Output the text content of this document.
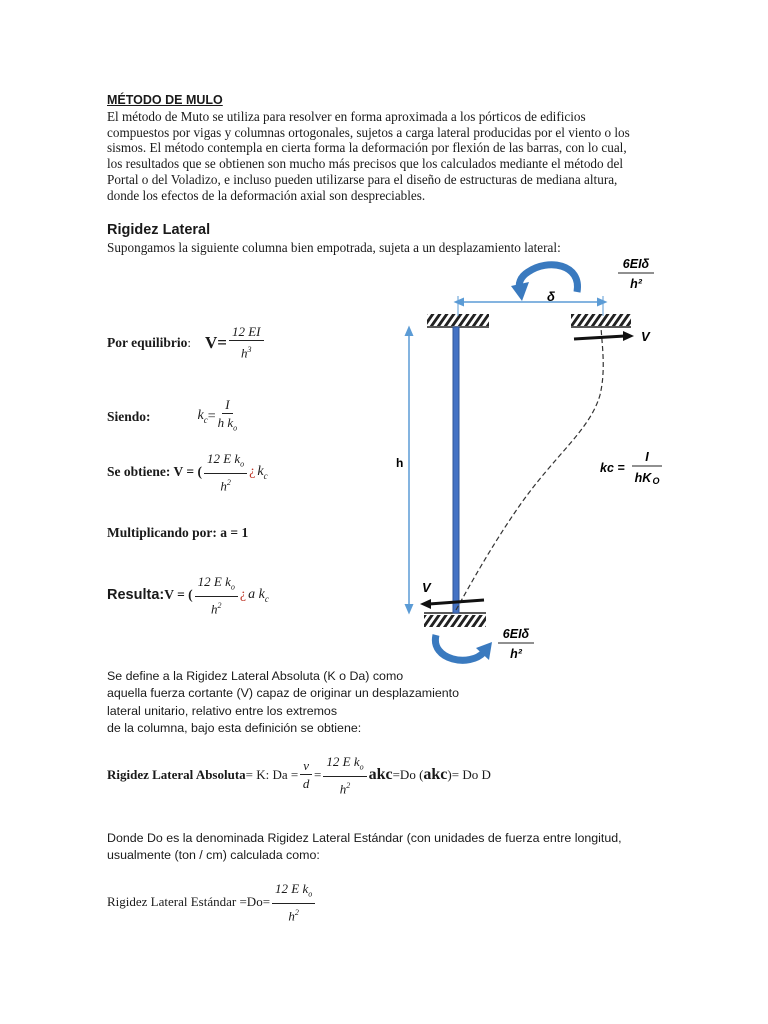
MÉTODO DE MULO
El método de Muto se utiliza para resolver en forma aproximada a los pórticos de edificios
compuestos por vigas y columnas ortogonales, sujetos a carga lateral producidas por el viento o los
sismos. El método contempla en cierta forma la deformación por flexión de las barras, con lo cual,
los resultados que se obtienen son mucho más precisos que los calculados mediante el método del
Portal o del Voladizo, e incluso pueden utilizarse para el diseño de estructuras de mediana altura,
donde los efectos de la deformación axial son despreciables.
Rigidez Lateral
Supongamos la siguiente columna bien empotrada, sujeta a un desplazamiento lateral:
Por equilibrio : $V= \frac{12 EI}{h^3}$
Siendo:	$k_c = \frac{I}{h k_o}$
Se obtiene: V = ( $\frac{12 E k_o}{h^2}$ ¿ $k_c$
Multiplicando por: a = 1
Resulta: V = ( $\frac{12 E k_o}{h^2}$ ¿ a $k_c$
Se define a la Rigidez Lateral Absoluta (K o Da) como
aquella fuerza cortante (V) capaz de originar un desplazamiento
lateral unitario, relativo entre los extremos
de la columna, bajo esta definición se obtiene:
Rigidez Lateral Absoluta = K: $Da = \frac{v}{d} = \frac{12 E k_o}{h^2}$ akc =Do ( akc )= Do D
Donde Do es la denominada Rigidez Lateral Estándar (con unidades de fuerza entre longitud,
usualmente (ton / cm) calculada como:
Rigidez Lateral Estándar $=Do= \frac{12 E k_o}{h^2}$
δ
h
6EIδ
h²
V
kc =
I
hK O
V
6EIδ
h²
